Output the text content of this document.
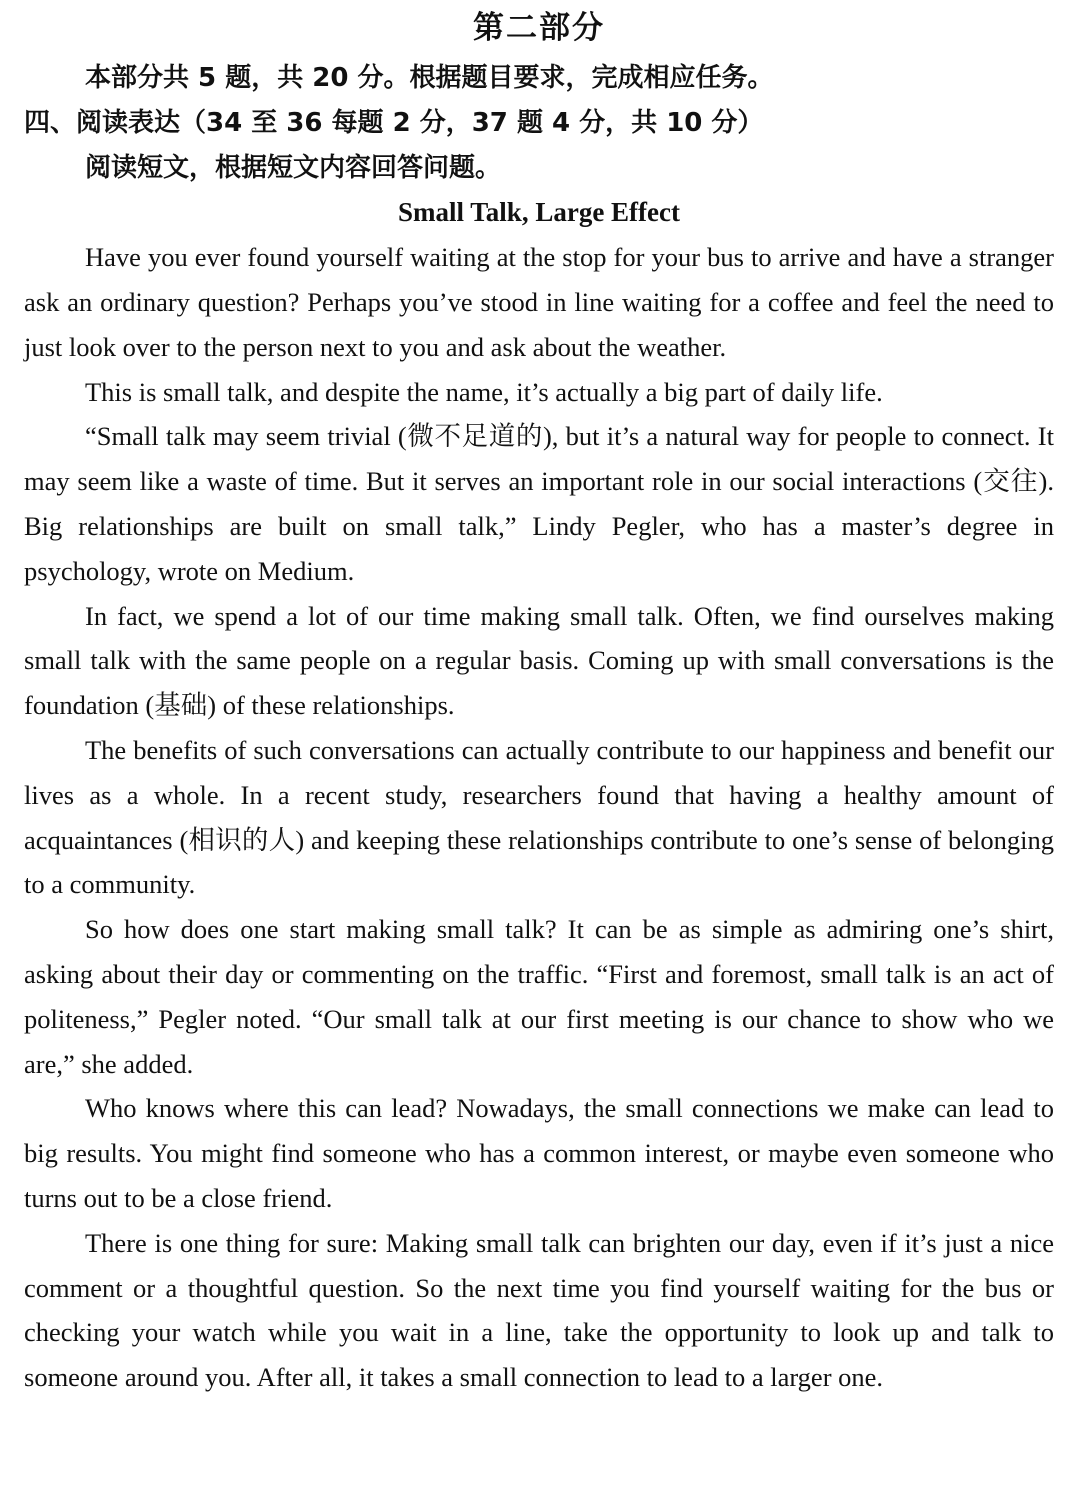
第二部分

本部分共 5 题，共 20 分。根据题目要求，完成相应任务。

四、阅读表达（34 至 36 每题 2 分，37 题 4 分，共 10 分）

阅读短文，根据短文内容回答问题。

Small Talk, Large Effect

Have you ever found yourself waiting at the stop for your bus to arrive and have a stranger ask an ordinary question? Perhaps you’ve stood in line waiting for a coffee and feel the need to just look over to the person next to you and ask about the weather.

This is small talk, and despite the name, it’s actually a big part of daily life.

“Small talk may seem trivial (微不足道的), but it’s a natural way for people to connect. It may seem like a waste of time. But it serves an important role in our social interactions (交往). Big relationships are built on small talk,” Lindy Pegler, who has a master’s degree in psychology, wrote on Medium.

In fact, we spend a lot of our time making small talk. Often, we find ourselves making small talk with the same people on a regular basis. Coming up with small conversations is the foundation (基础) of these relationships.

The benefits of such conversations can actually contribute to our happiness and benefit our lives as a whole. In a recent study, researchers found that having a healthy amount of acquaintances (相识的人) and keeping these relationships contribute to one’s sense of belonging to a community.

So how does one start making small talk? It can be as simple as admiring one’s shirt, asking about their day or commenting on the traffic. “First and foremost, small talk is an act of politeness,” Pegler noted. “Our small talk at our first meeting is our chance to show who we are,” she added.

Who knows where this can lead? Nowadays, the small connections we make can lead to big results. You might find someone who has a common interest, or maybe even someone who turns out to be a close friend.

There is one thing for sure: Making small talk can brighten our day, even if it’s just a nice comment or a thoughtful question. So the next time you find yourself waiting for the bus or checking your watch while you wait in a line, take the opportunity to look up and talk to someone around you. After all, it takes a small connection to lead to a larger one.
